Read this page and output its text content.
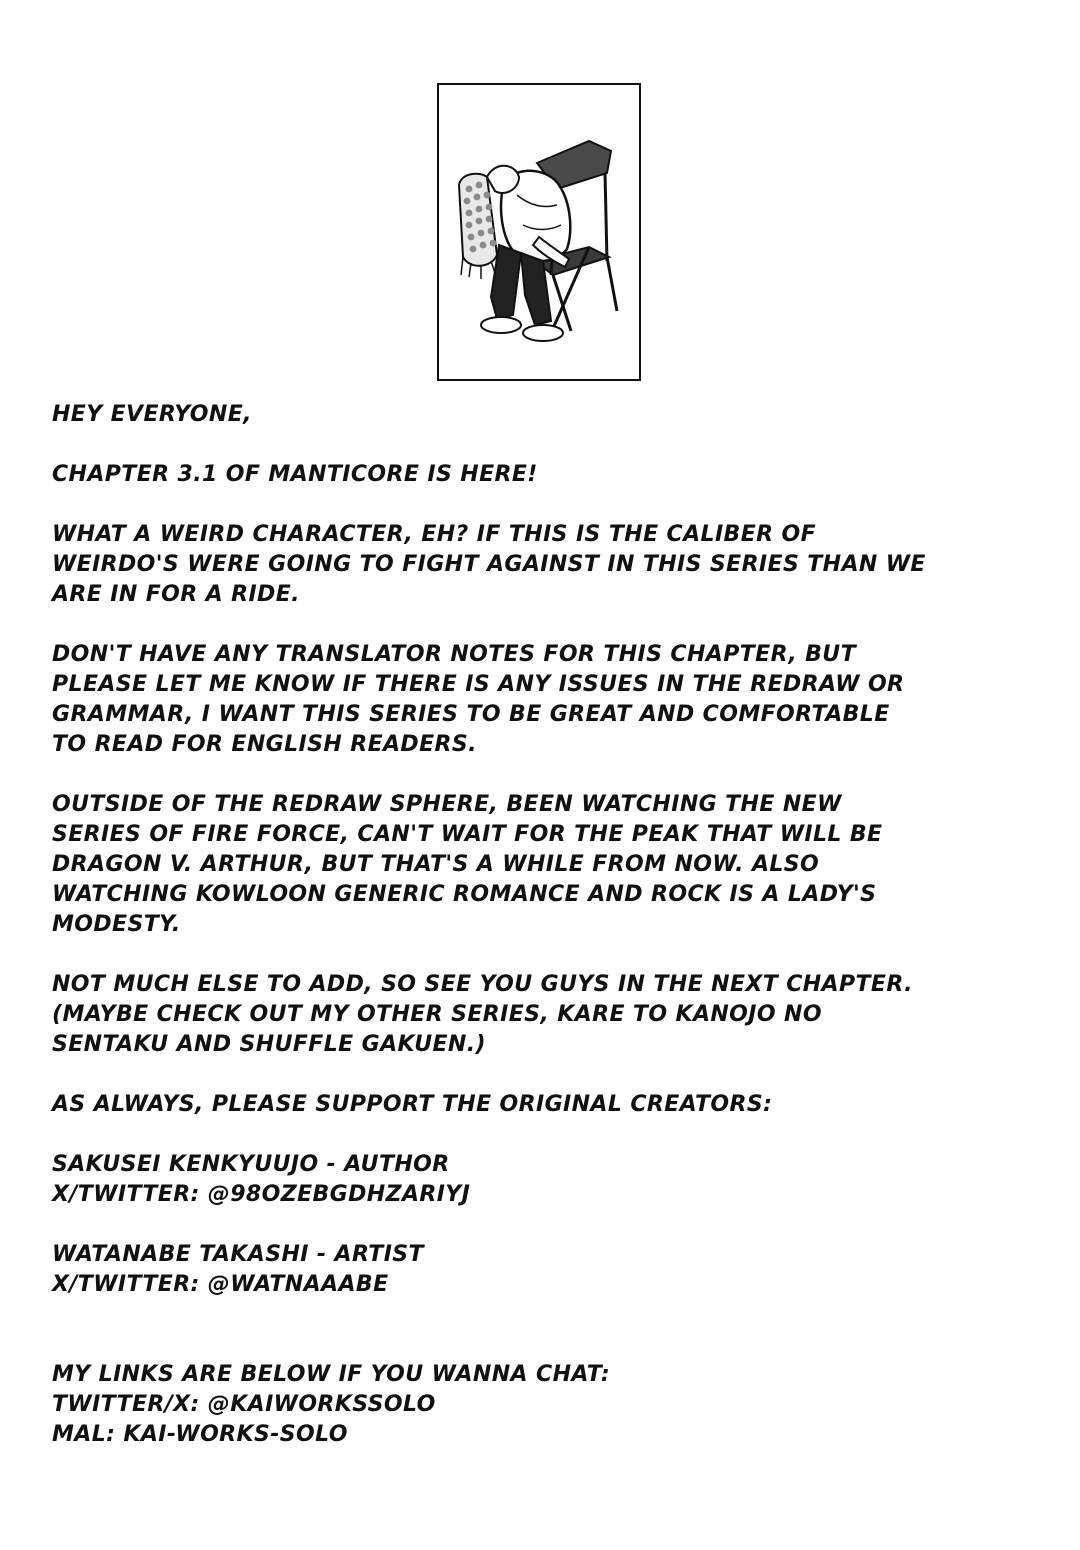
HEY EVERYONE,

CHAPTER 3.1 OF MANTICORE IS HERE!

WHAT A WEIRD CHARACTER, EH? IF THIS IS THE CALIBER OF
WEIRDO'S WERE GOING TO FIGHT AGAINST IN THIS SERIES THAN WE
ARE IN FOR A RIDE.

DON'T HAVE ANY TRANSLATOR NOTES FOR THIS CHAPTER, BUT
PLEASE LET ME KNOW IF THERE IS ANY ISSUES IN THE REDRAW OR
GRAMMAR, I WANT THIS SERIES TO BE GREAT AND COMFORTABLE
TO READ FOR ENGLISH READERS.

OUTSIDE OF THE REDRAW SPHERE, BEEN WATCHING THE NEW
SERIES OF FIRE FORCE, CAN'T WAIT FOR THE PEAK THAT WILL BE
DRAGON V. ARTHUR, BUT THAT'S A WHILE FROM NOW. ALSO
WATCHING KOWLOON GENERIC ROMANCE AND ROCK IS A LADY'S
MODESTY.

NOT MUCH ELSE TO ADD, SO SEE YOU GUYS IN THE NEXT CHAPTER.
(MAYBE CHECK OUT MY OTHER SERIES, KARE TO KANOJO NO
SENTAKU AND SHUFFLE GAKUEN.)

AS ALWAYS, PLEASE SUPPORT THE ORIGINAL CREATORS:

SAKUSEI KENKYUUJO - AUTHOR
X/TWITTER: @98OZEBGDHZARIYJ

WATANABE TAKASHI - ARTIST
X/TWITTER: @WATNAAABE

MY LINKS ARE BELOW IF YOU WANNA CHAT:
TWITTER/X: @KAIWORKSSOLO
MAL: KAI-WORKS-SOLO
